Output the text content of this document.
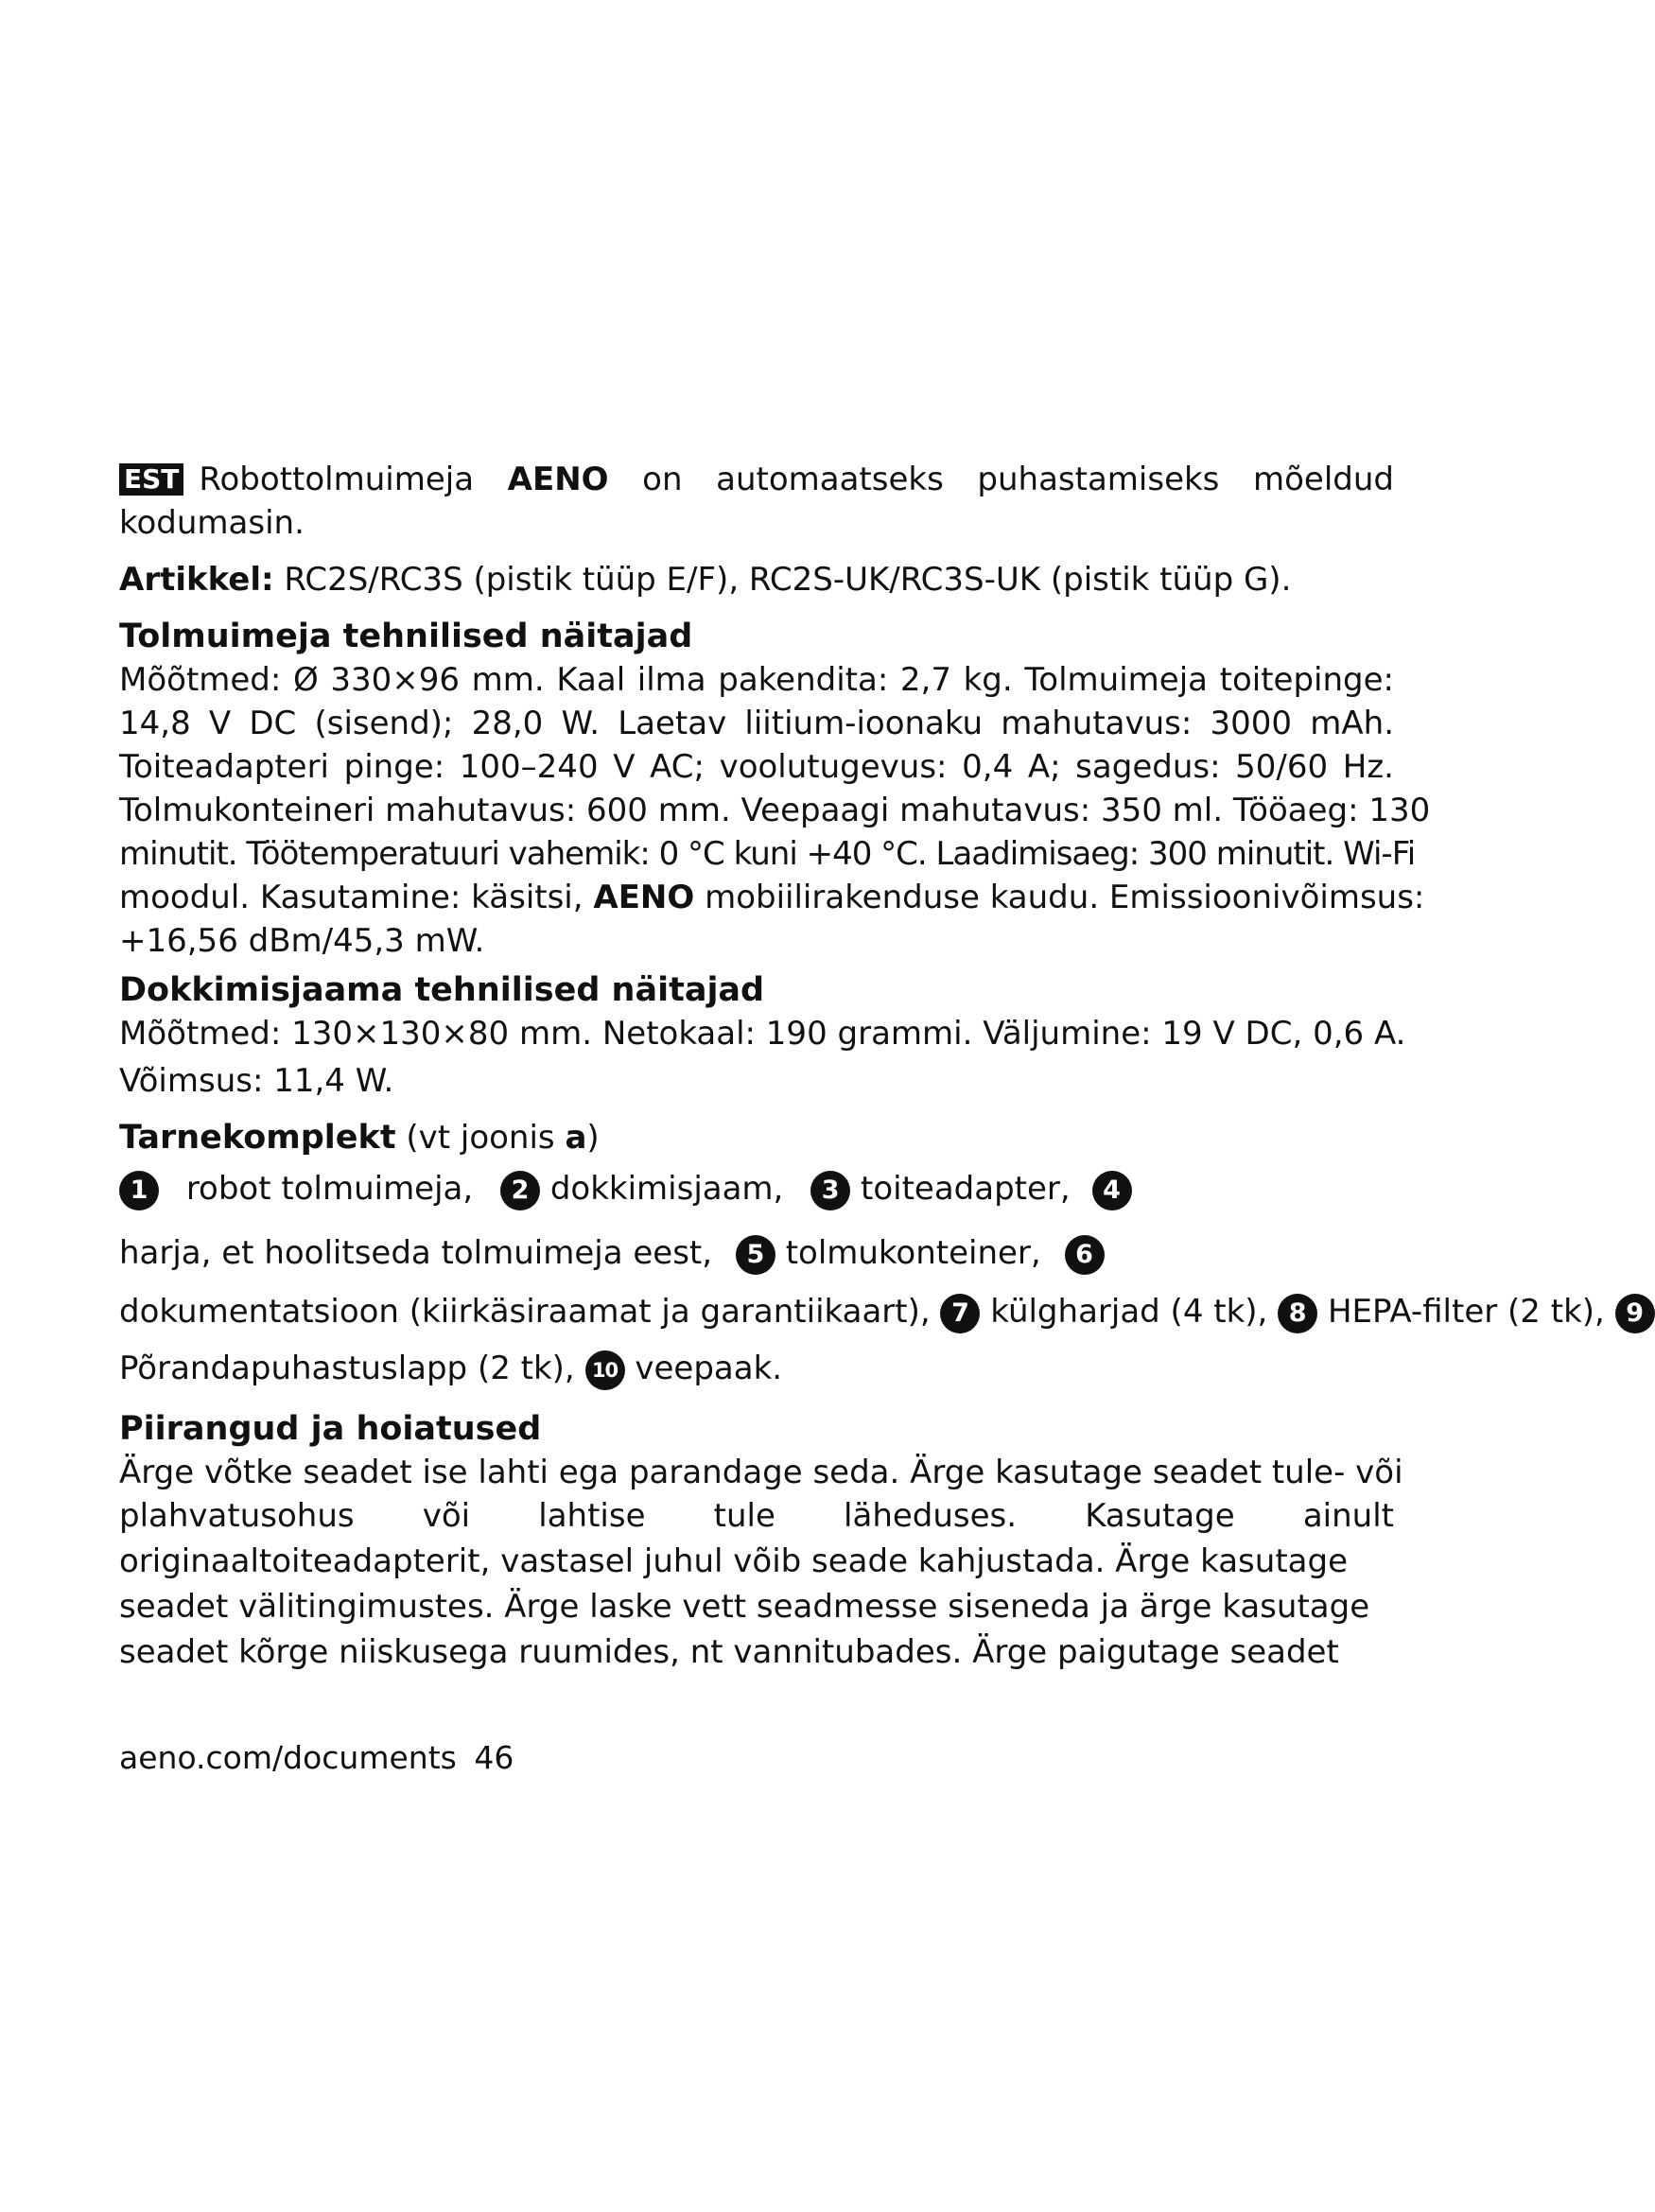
EST Robottolmuimeja AENO on automaatseks puhastamiseks mõeldud

kodumasin.

Artikkel: RC2S/RC3S (pistik tüüp E/F), RC2S-UK/RC3S-UK (pistik tüüp G).

Tolmuimeja tehnilised näitajad

Mõõtmed: Ø 330×96 mm. Kaal ilma pakendita: 2,7 kg. Tolmuimeja toitepinge:

14,8 V DC (sisend); 28,0 W. Laetav liitium-ioonaku mahutavus: 3000 mAh.

Toiteadapteri pinge: 100–240 V AC; voolutugevus: 0,4 A; sagedus: 50/60 Hz.

Tolmukonteineri mahutavus: 600 mm. Veepaagi mahutavus: 350 ml. Tööaeg: 130

minutit. Töötemperatuuri vahemik: 0 °C kuni +40 °C. Laadimisaeg: 300 minutit. Wi-Fi

moodul. Kasutamine: käsitsi, AENO mobiilirakenduse kaudu. Emissioonivõimsus:

+16,56 dBm/45,3 mW.

Dokkimisjaama tehnilised näitajad

Mõõtmed: 130×130×80 mm. Netokaal: 190 grammi. Väljumine: 19 V DC, 0,6 A.

Võimsus: 11,4 W.

Tarnekomplekt (vt joonis a)

1 robot tolmuimeja, 2 dokkimisjaam, 3 toiteadapter, 4

harja, et hoolitseda tolmuimeja eest, 5 tolmukonteiner, 6

dokumentatsioon (kiirkäsiraamat ja garantiikaart), 7 külgharjad (4 tk), 8 HEPA-filter (2 tk), 9

Põrandapuhastuslapp (2 tk), 10 veepaak.

Piirangud ja hoiatused

Ärge võtke seadet ise lahti ega parandage seda. Ärge kasutage seadet tule- või

plahvatusohus või lahtise tule läheduses. Kasutage ainult

originaaltoiteadapterit, vastasel juhul võib seade kahjustada. Ärge kasutage

seadet välitingimustes. Ärge laske vett seadmesse siseneda ja ärge kasutage

seadet kõrge niiskusega ruumides, nt vannitubades. Ärge paigutage seadet

aeno.com/documents 46
